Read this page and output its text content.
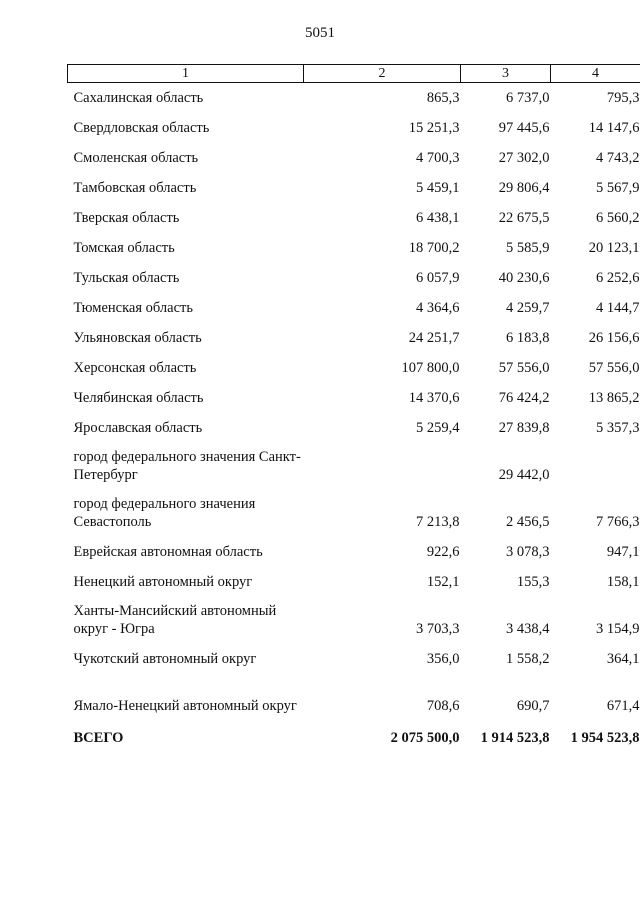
5051
1	2	3	4
Сахалинская область	865,3	6 737,0	795,3
Свердловская область	15 251,3	97 445,6	14 147,6
Смоленская область	4 700,3	27 302,0	4 743,2
Тамбовская область	5 459,1	29 806,4	5 567,9
Тверская область	6 438,1	22 675,5	6 560,2
Томская область	18 700,2	5 585,9	20 123,1
Тульская область	6 057,9	40 230,6	6 252,6
Тюменская область	4 364,6	4 259,7	4 144,7
Ульяновская область	24 251,7	6 183,8	26 156,6
Херсонская область	107 800,0	57 556,0	57 556,0
Челябинская область	14 370,6	76 424,2	13 865,2
Ярославская область	5 259,4	27 839,8	5 357,3
город федерального значения Санкт-Петербург		29 442,0	
город федерального значения Севастополь	7 213,8	2 456,5	7 766,3
Еврейская автономная область	922,6	3 078,3	947,1
Ненецкий автономный округ	152,1	155,3	158,1
Ханты-Мансийский автономный округ - Югра	3 703,3	3 438,4	3 154,9
Чукотский автономный округ	356,0	1 558,2	364,1
Ямало-Ненецкий автономный округ	708,6	690,7	671,4
ВСЕГО	2 075 500,0	1 914 523,8	1 954 523,8
